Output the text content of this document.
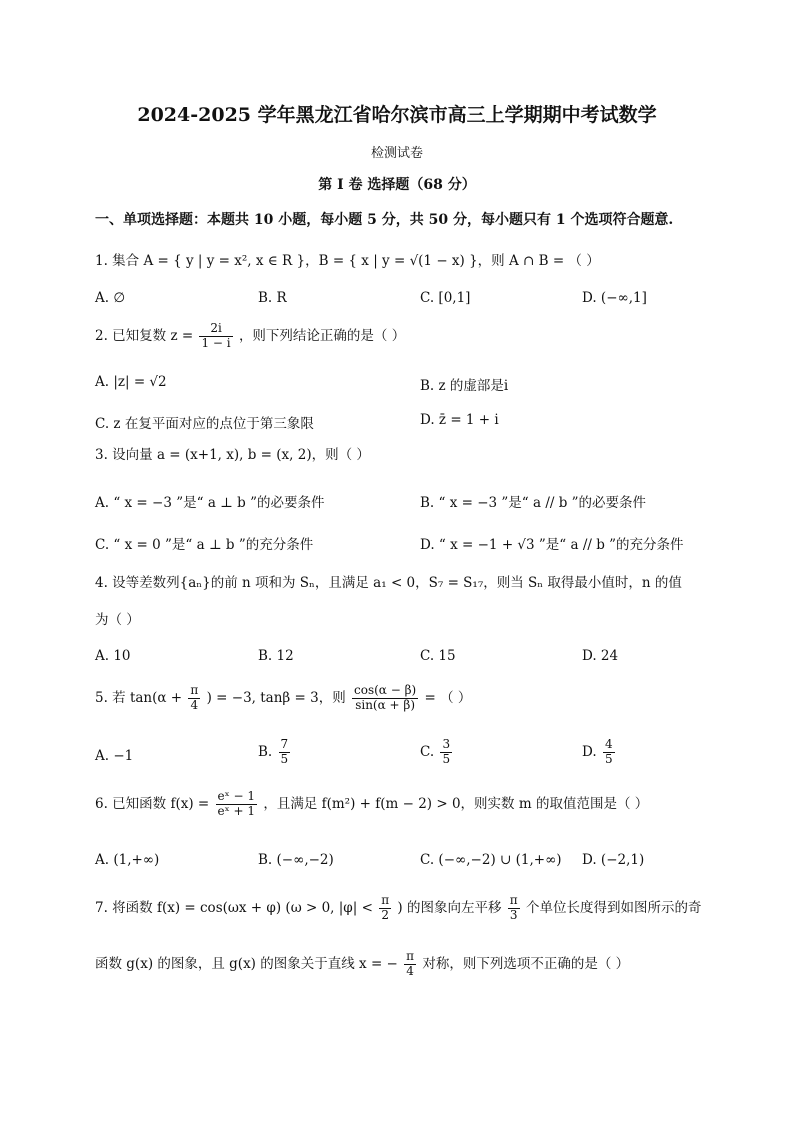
2024-2025 学年黑龙江省哈尔滨市高三上学期期中考试数学
检测试卷
第 I 卷 选择题（68 分）
一、单项选择题：本题共 10 小题，每小题 5 分，共 50 分，每小题只有 1 个选项符合题意.
1. 集合 A = { y | y = x², x ∈ R }，B = { x | y = √(1 − x) }，则 A ∩ B = （ ）
A. ∅	B. R	C. [0,1]	D. (−∞,1]
2. 已知复数 $z = \frac{2i}{1 - i}$ ，则下列结论正确的是（ ）
A. |z| = √2	B. z 的虚部是i
C. z 在复平面对应的点位于第三象限	D. z̄ = 1 + i
3. 设向量 a = (x+1, x), b = (x, 2)，则（ ）
A. “ x = −3 ”是“ a ⊥ b ”的必要条件	B. “ x = −3 ”是“ a // b ”的必要条件
C. “ x = 0 ”是“ a ⊥ b ”的充分条件	D. “ x = −1 + √3 ”是“ a // b ”的充分条件
4. 设等差数列{aₙ}的前 n 项和为 Sₙ，且满足 a₁ < 0，S₇ = S₁₇，则当 Sₙ 取得最小值时，n 的值
为（ ）
A. 10	B. 12	C. 15	D. 24
5. 若 $\tan(\alpha + \frac{\pi}{4}$ ) = −3, tanβ = 3，则 $\frac{\cos(\alpha - \beta)}{\sin(\alpha + \beta)}$ = （ ）
A. −1	B. $\frac{7}{5}$	C. $\frac{3}{5}$	D. $\frac{4}{5}$
6. 已知函数 $f(x) = \frac{\text{eˣ − 1}}{\text{eˣ + 1}}$ ，且满足 f(m²) + f(m − 2) > 0，则实数 m 的取值范围是（ ）
A. (1,+∞)	B. (−∞,−2)	C. (−∞,−2) ∪ (1,+∞) D. (−2,1)
7. 将函数 f(x) = cos(ωx + φ) (ω > 0, $|\varphi| < \frac{\pi}{2}$ ) 的图象向左平移 $\frac{\pi}{3}$ 个单位长度得到如图所示的奇
函数 g(x) 的图象，且 g(x) 的图象关于直线 x = − $\frac{\pi}{4}$ 对称，则下列选项不正确的是（ ）
